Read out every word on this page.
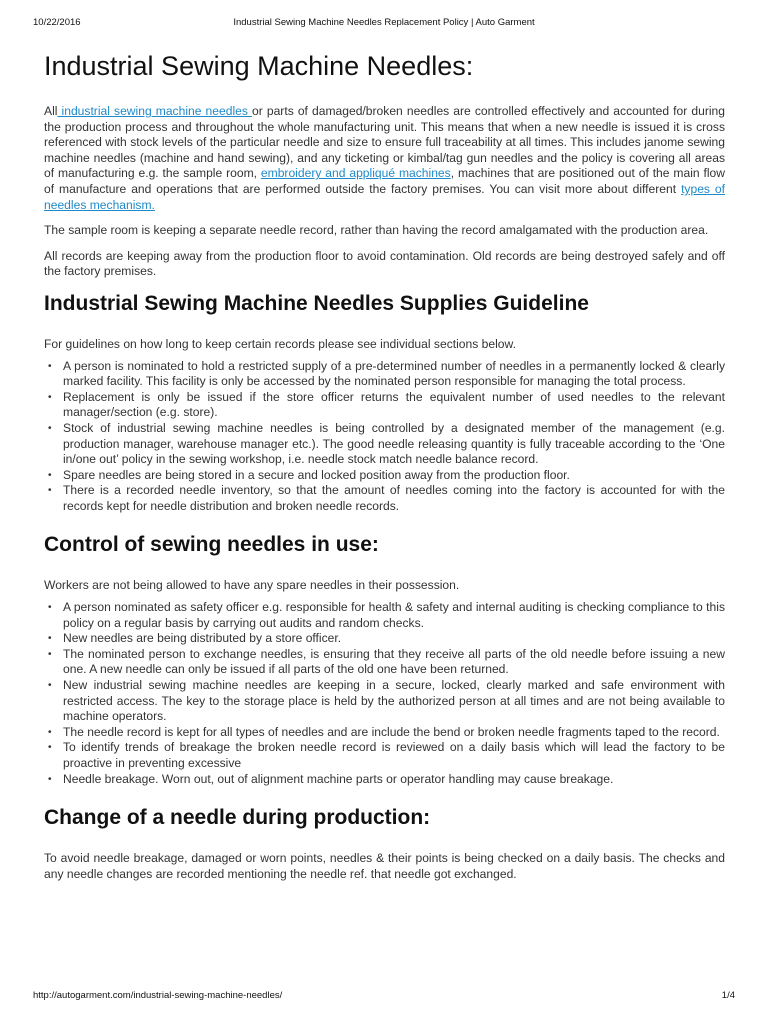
10/22/2016	Industrial Sewing Machine Needles Replacement Policy | Auto Garment
Industrial Sewing Machine Needles:

All industrial sewing machine needles or parts of damaged/broken needles are controlled effectively and accounted for during the production process and throughout the whole manufacturing unit. This means that when a new needle is issued it is cross referenced with stock levels of the particular needle and size to ensure full traceability at all times. This includes janome sewing machine needles (machine and hand sewing), and any ticketing or kimbal/tag gun needles and the policy is covering all areas of manufacturing e.g. the sample room, embroidery and appliqué machines, machines that are positioned out of the main flow of manufacture and operations that are performed outside the factory premises. You can visit more about different types of needles mechanism.

The sample room is keeping a separate needle record, rather than having the record amalgamated with the production area.

All records are keeping away from the production floor to avoid contamination. Old records are being destroyed safely and off the factory premises.

Industrial Sewing Machine Needles Supplies Guideline

For guidelines on how long to keep certain records please see individual sections below.

• A person is nominated to hold a restricted supply of a pre-determined number of needles in a permanently locked & clearly marked facility. This facility is only be accessed by the nominated person responsible for managing the total process.
• Replacement is only be issued if the store officer returns the equivalent number of used needles to the relevant manager/section (e.g. store).
• Stock of industrial sewing machine needles is being controlled by a designated member of the management (e.g. production manager, warehouse manager etc.). The good needle releasing quantity is fully traceable according to the ‘One in/one out’ policy in the sewing workshop, i.e. needle stock match needle balance record.
• Spare needles are being stored in a secure and locked position away from the production floor.
• There is a recorded needle inventory, so that the amount of needles coming into the factory is accounted for with the records kept for needle distribution and broken needle records.
Control of sewing needles in use:

Workers are not being allowed to have any spare needles in their possession.

• A person nominated as safety officer e.g. responsible for health & safety and internal auditing is checking compliance to this policy on a regular basis by carrying out audits and random checks.
• New needles are being distributed by a store officer.
• The nominated person to exchange needles, is ensuring that they receive all parts of the old needle before issuing a new one. A new needle can only be issued if all parts of the old one have been returned.
• New industrial sewing machine needles are keeping in a secure, locked, clearly marked and safe environment with restricted access. The key to the storage place is held by the authorized person at all times and are not being available to machine operators.
• The needle record is kept for all types of needles and are include the bend or broken needle fragments taped to the record.
• To identify trends of breakage the broken needle record is reviewed on a daily basis which will lead the factory to be proactive in preventing excessive
• Needle breakage. Worn out, out of alignment machine parts or operator handling may cause breakage.
Change of a needle during production:

To avoid needle breakage, damaged or worn points, needles & their points is being checked on a daily basis. The checks and any needle changes are recorded mentioning the needle ref. that needle got exchanged.

http://autogarment.com/industrial-sewing-machine-needles/	1/4
